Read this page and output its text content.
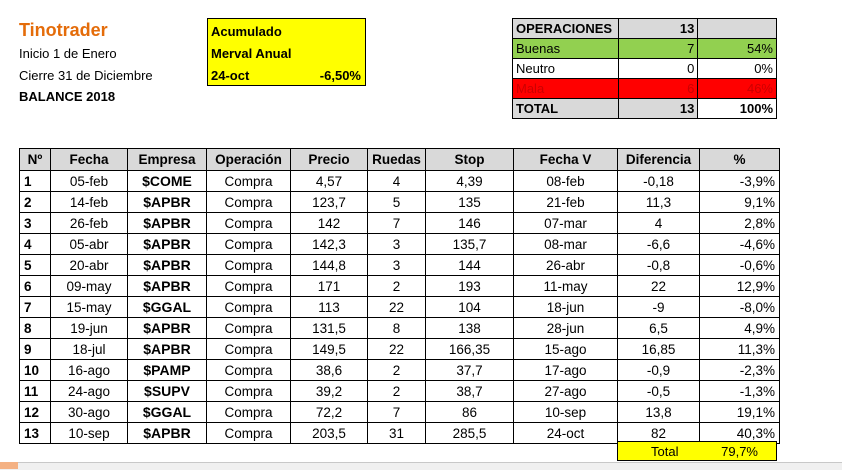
Tinotrader
Inicio 1 de Enero
Cierre 31 de Diciembre
BALANCE 2018
Acumulado
Merval Anual
24-oct	-6,50%
OPERACIONES	13	
Buenas	7	54%
Neutro	0	0%
Mala	6	46%
TOTAL	13	100%
Nº	Fecha	Empresa	Operación	Precio	Ruedas	Stop	Fecha V	Diferencia	%
1	05-feb	$COME	Compra	4,57	4	4,39	08-feb	-0,18	-3,9%
2	14-feb	$APBR	Compra	123,7	5	135	21-feb	11,3	9,1%
3	26-feb	$APBR	Compra	142	7	146	07-mar	4	2,8%
4	05-abr	$APBR	Compra	142,3	3	135,7	08-mar	-6,6	-4,6%
5	20-abr	$APBR	Compra	144,8	3	144	26-abr	-0,8	-0,6%
6	09-may	$APBR	Compra	171	2	193	11-may	22	12,9%
7	15-may	$GGAL	Compra	113	22	104	18-jun	-9	-8,0%
8	19-jun	$APBR	Compra	131,5	8	138	28-jun	6,5	4,9%
9	18-jul	$APBR	Compra	149,5	22	166,35	15-ago	16,85	11,3%
10	16-ago	$PAMP	Compra	38,6	2	37,7	17-ago	-0,9	-2,3%
11	24-ago	$SUPV	Compra	39,2	2	38,7	27-ago	-0,5	-1,3%
12	30-ago	$GGAL	Compra	72,2	7	86	10-sep	13,8	19,1%
13	10-sep	$APBR	Compra	203,5	31	285,5	24-oct	82	40,3%
Total	79,7%
